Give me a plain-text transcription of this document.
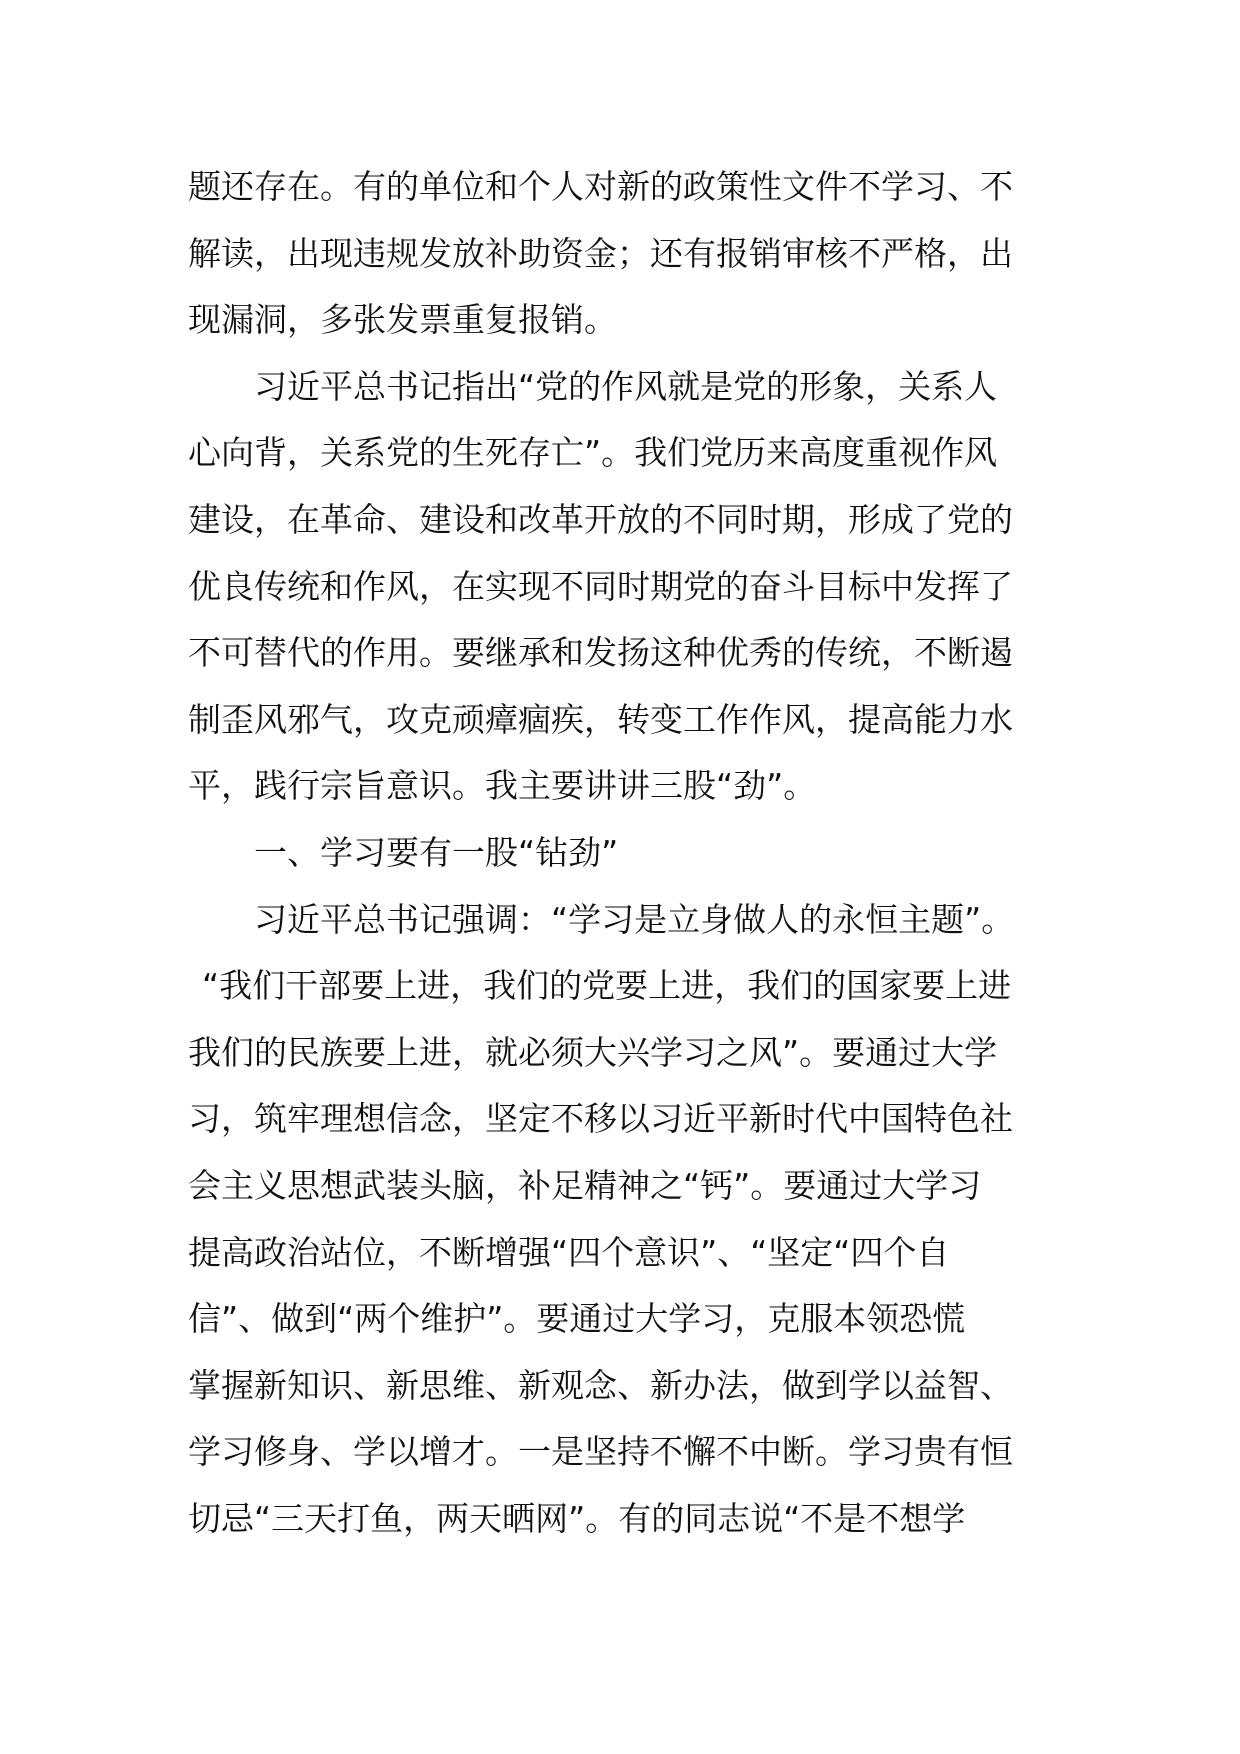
题还存在。有的单位和个人对新的政策性文件不学习、不
解读，出现违规发放补助资金；还有报销审核不严格，出
现漏洞，多张发票重复报销。
习近平总书记指出“党的作风就是党的形象，关系人
心向背，关系党的生死存亡”。我们党历来高度重视作风
建设，在革命、建设和改革开放的不同时期，形成了党的
优良传统和作风，在实现不同时期党的奋斗目标中发挥了
不可替代的作用。要继承和发扬这种优秀的传统，不断遏
制歪风邪气，攻克顽瘴痼疾，转变工作作风，提高能力水
平，践行宗旨意识。我主要讲讲三股“劲”。
一、学习要有一股“钻劲”
习近平总书记强调：“学习是立身做人的永恒主题”。
“我们干部要上进，我们的党要上进，我们的国家要上进
我们的民族要上进，就必须大兴学习之风”。要通过大学
习，筑牢理想信念，坚定不移以习近平新时代中国特色社
会主义思想武装头脑，补足精神之“钙”。要通过大学习
提高政治站位，不断增强“四个意识”、“坚定“四个自
信”、做到“两个维护”。要通过大学习，克服本领恐慌
掌握新知识、新思维、新观念、新办法，做到学以益智、
学习修身、学以增才。一是坚持不懈不中断。学习贵有恒
切忌“三天打鱼，两天晒网”。有的同志说“不是不想学
